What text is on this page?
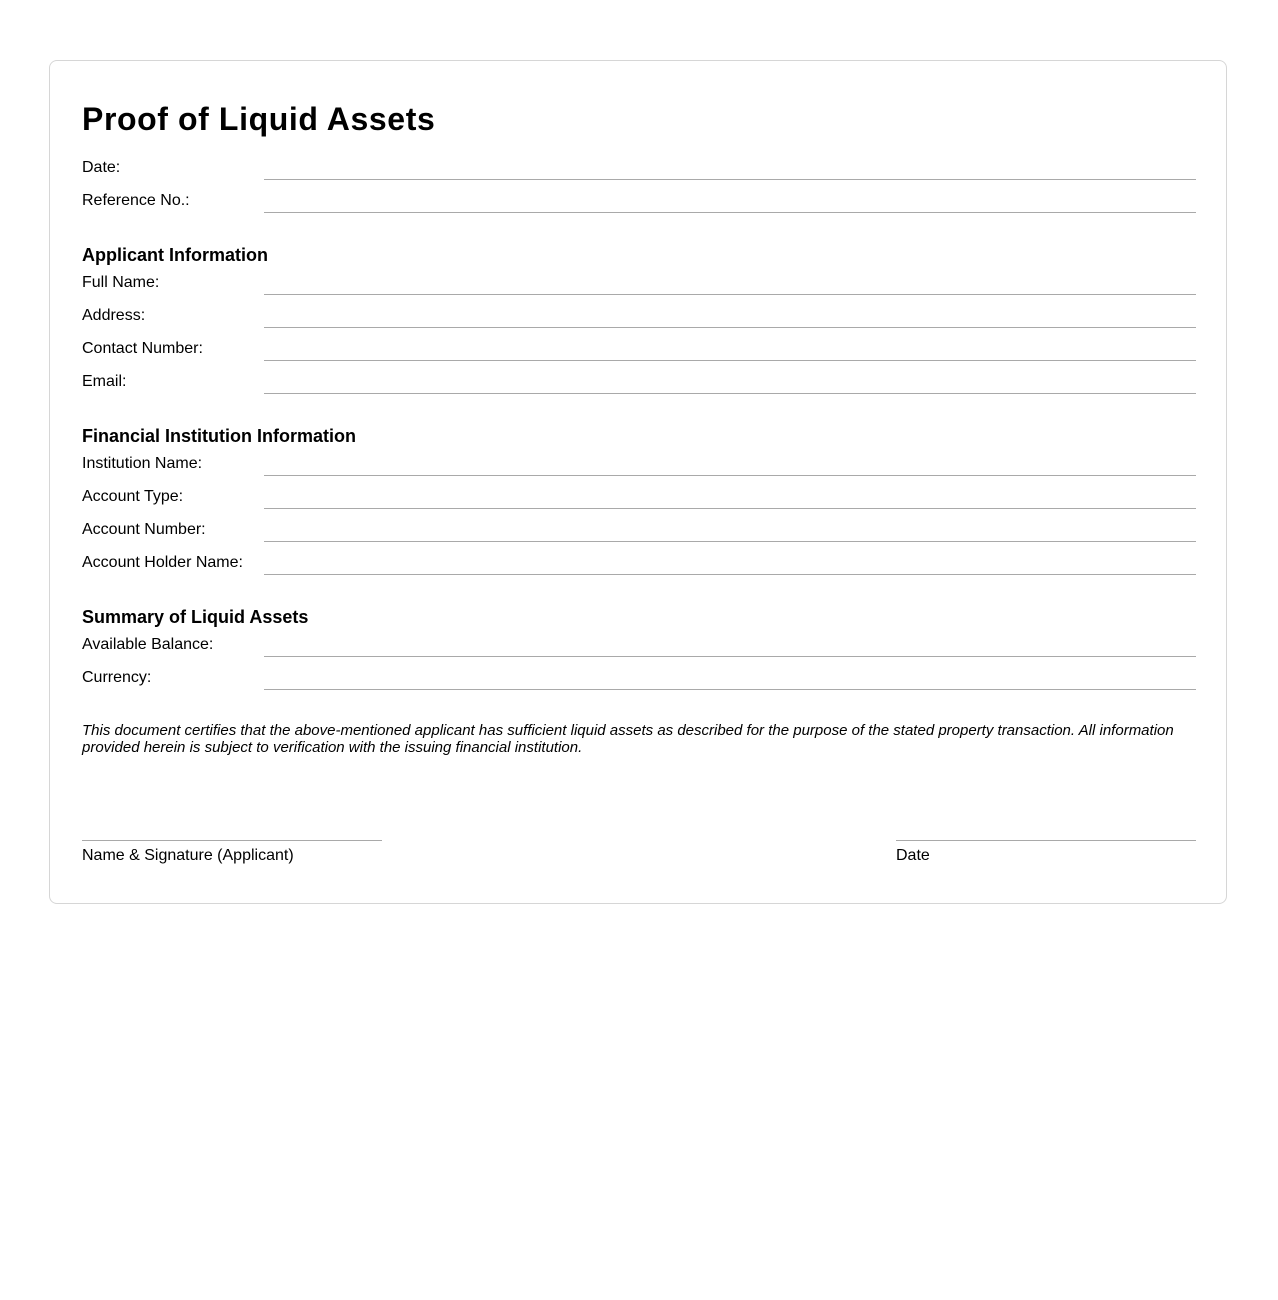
Proof of Liquid Assets
Date:
Reference No.:
Applicant Information
Full Name:
Address:
Contact Number:
Email:
Financial Institution Information
Institution Name:
Account Type:
Account Number:
Account Holder Name:
Summary of Liquid Assets
Available Balance:
Currency:

This document certifies that the above-mentioned applicant has sufficient liquid assets as described for the purpose of the stated property transaction. All information provided herein is subject to verification with the issuing financial institution.

Name & Signature (Applicant)	Date
